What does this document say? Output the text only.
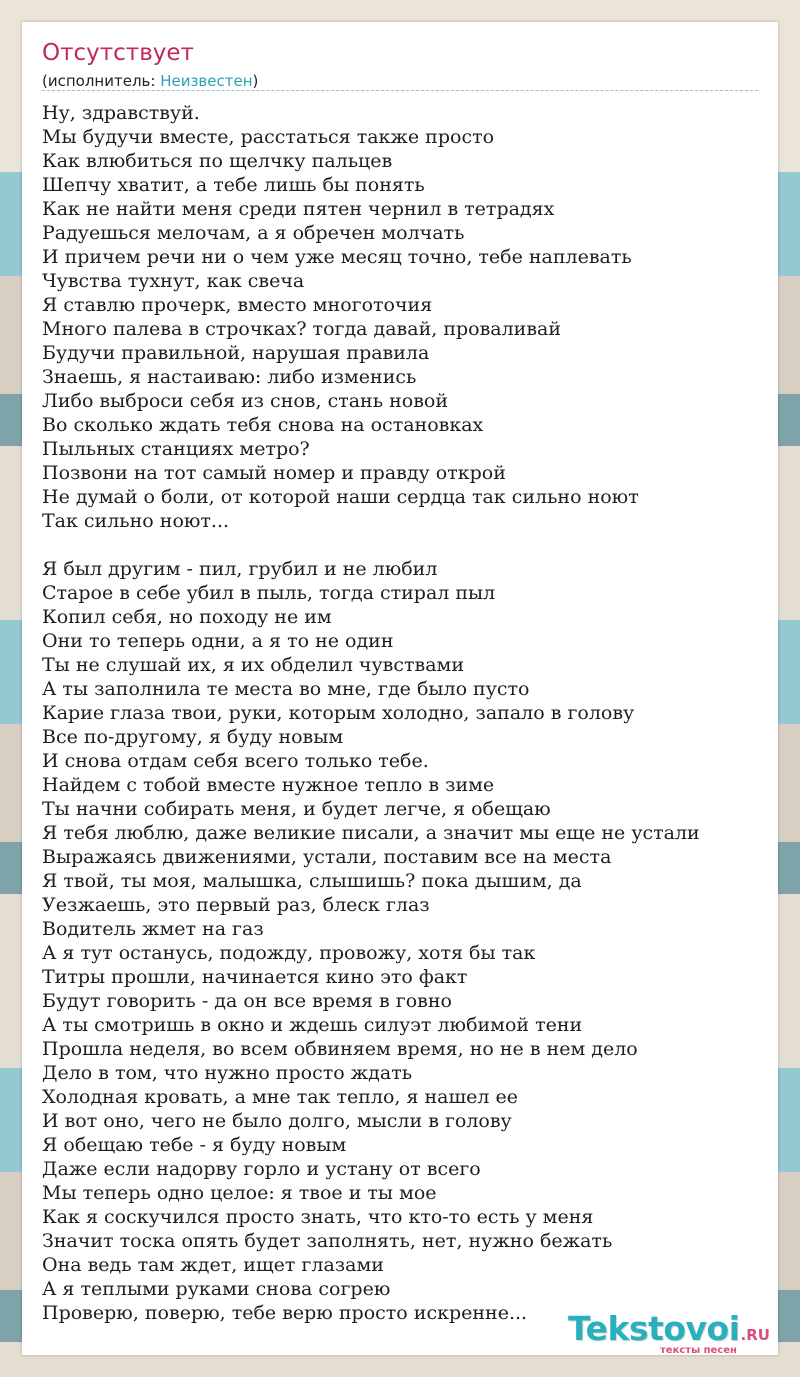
Отсутствует
(исполнитель: Неизвестен)
Ну, здравствуй.
Мы будучи вместе, расстаться также просто
Как влюбиться по щелчку пальцев
Шепчу хватит, а тебе лишь бы понять
Как не найти меня среди пятен чернил в тетрадях
Радуешься мелочам, а я обречен молчать
И причем речи ни о чем уже месяц точно, тебе наплевать
Чувства тухнут, как свеча
Я ставлю прочерк, вместо многоточия
Много палева в строчках? тогда давай, проваливай
Будучи правильной, нарушая правила
Знаешь, я настаиваю: либо изменись
Либо выброси себя из снов, стань новой
Во сколько ждать тебя снова на остановках
Пыльных станциях метро?
Позвони на тот самый номер и правду открой
Не думай о боли, от которой наши сердца так сильно ноют
Так сильно ноют...
Я был другим - пил, грубил и не любил
Старое в себе убил в пыль, тогда стирал пыл
Копил себя, но походу не им
Они то теперь одни, а я то не один
Ты не слушай их, я их обделил чувствами
А ты заполнила те места во мне, где было пусто
Карие глаза твои, руки, которым холодно, запало в голову
Все по-другому, я буду новым
И снова отдам себя всего только тебе.
Найдем с тобой вместе нужное тепло в зиме
Ты начни собирать меня, и будет легче, я обещаю
Я тебя люблю, даже великие писали, а значит мы еще не устали
Выражаясь движениями, устали, поставим все на места
Я твой, ты моя, малышка, слышишь? пока дышим, да
Уезжаешь, это первый раз, блеск глаз
Водитель жмет на газ
А я тут останусь, подожду, провожу, хотя бы так
Титры прошли, начинается кино это факт
Будут говорить - да он все время в говно
А ты смотришь в окно и ждешь силуэт любимой тени
Прошла неделя, во всем обвиняем время, но не в нем дело
Дело в том, что нужно просто ждать
Холодная кровать, а мне так тепло, я нашел ее
И вот оно, чего не было долго, мысли в голову
Я обещаю тебе - я буду новым
Даже если надорву горло и устану от всего
Мы теперь одно целое: я твое и ты мое
Как я соскучился просто знать, что кто-то есть у меня
Значит тоска опять будет заполнять, нет, нужно бежать
Она ведь там ждет, ищет глазами
А я теплыми руками снова согрею
Проверю, поверю, тебе верю просто искренне...	Tekstovoi.RU
тексты песен
